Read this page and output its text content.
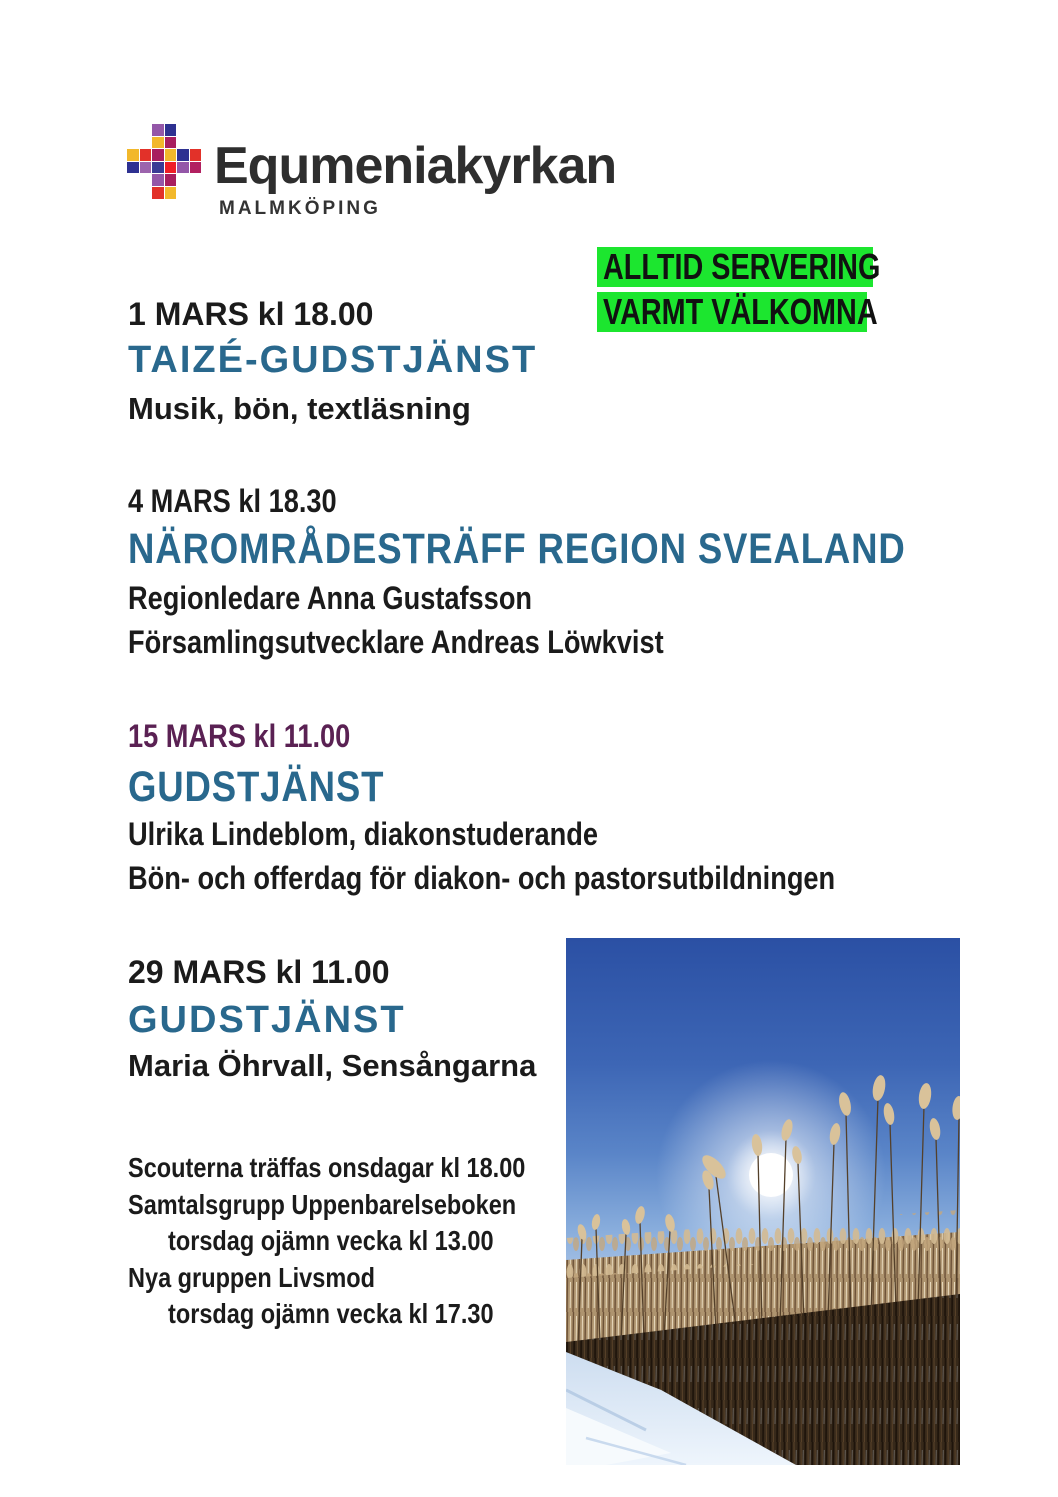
Equmeniakyrkan
MALMKÖPING
ALLTID SERVERING
VARMT VÄLKOMNA
1 MARS kl 18.00
TAIZÉ-GUDSTJÄNST
Musik, bön, textläsning
4 MARS kl 18.30
NÄROMRÅDESTRÄFF REGION SVEALAND
Regionledare Anna Gustafsson
Församlingsutvecklare Andreas Löwkvist
15 MARS kl 11.00
GUDSTJÄNST
Ulrika Lindeblom, diakonstuderande
Bön- och offerdag för diakon- och pastorsutbildningen
29 MARS kl 11.00
GUDSTJÄNST
Maria Öhrvall, Sensångarna
Scouterna träffas onsdagar kl 18.00
Samtalsgrupp Uppenbarelseboken
torsdag ojämn vecka kl 13.00
Nya gruppen Livsmod
torsdag ojämn vecka kl 17.30
